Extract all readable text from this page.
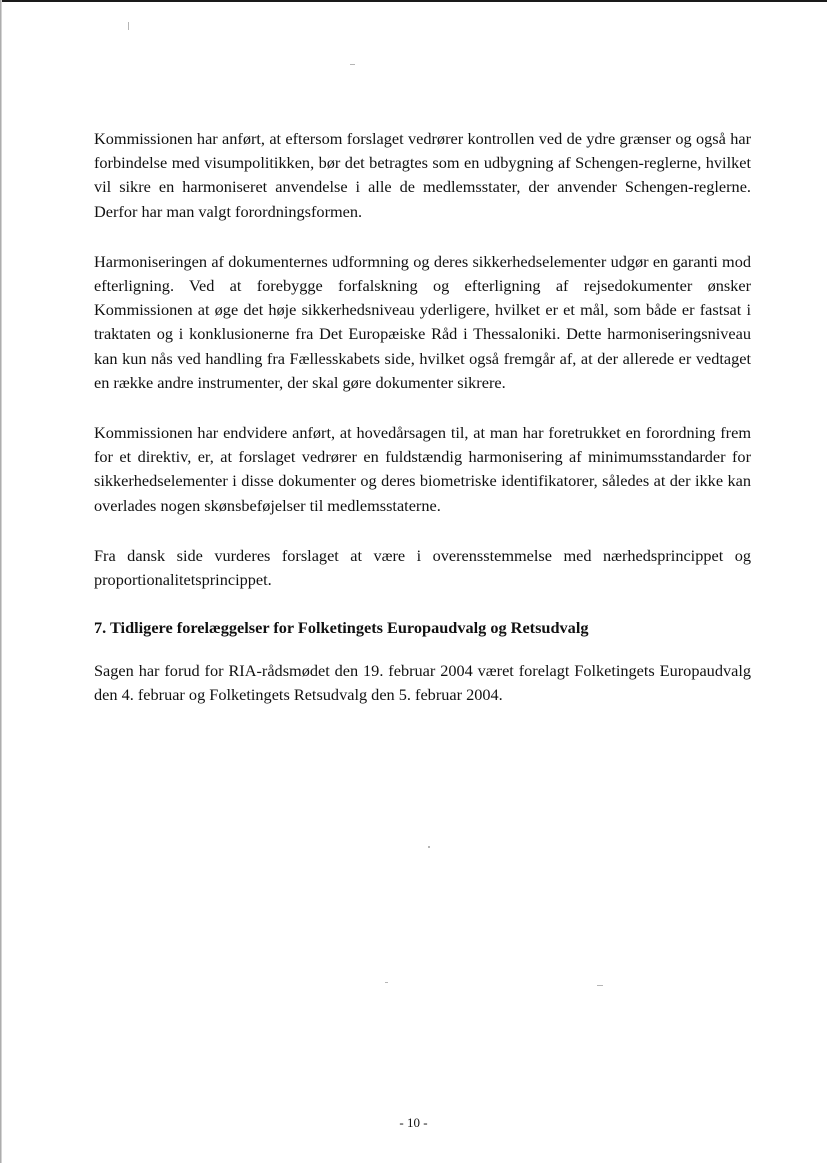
Kommissionen har anført, at eftersom forslaget vedrører kontrollen ved de ydre grænser og også har forbindelse med visumpolitikken, bør det betragtes som en udbygning af Schengen-reglerne, hvilket vil sikre en harmoniseret anvendelse i alle de medlemsstater, der anvender Schengen-reglerne. Derfor har man valgt forordningsformen.

Harmoniseringen af dokumenternes udformning og deres sikkerhedselementer udgør en garanti mod efterligning. Ved at forebygge forfalskning og efterligning af rejsedokumenter ønsker Kommissionen at øge det høje sikkerhedsniveau yderligere, hvilket er et mål, som både er fastsat i traktaten og i konklusionerne fra Det Europæiske Råd i Thessaloniki. Dette harmoniseringsniveau kan kun nås ved handling fra Fællesskabets side, hvilket også fremgår af, at der allerede er vedtaget en række andre instrumenter, der skal gøre dokumenter sikrere.

Kommissionen har endvidere anført, at hovedårsagen til, at man har foretrukket en forordning frem for et direktiv, er, at forslaget vedrører en fuldstændig harmonisering af minimumsstandarder for sikkerhedselementer i disse dokumenter og deres biometriske identifikatorer, således at der ikke kan overlades nogen skønsbeføjelser til medlemsstaterne.

Fra dansk side vurderes forslaget at være i overensstemmelse med nærhedsprincippet og proportionalitetsprincippet.

7. Tidligere forelæggelser for Folketingets Europaudvalg og Retsudvalg

Sagen har forud for RIA-rådsmødet den 19. februar 2004 været forelagt Folketingets Europaudvalg den 4. februar og Folketingets Retsudvalg den 5. februar 2004.

- 10 -
